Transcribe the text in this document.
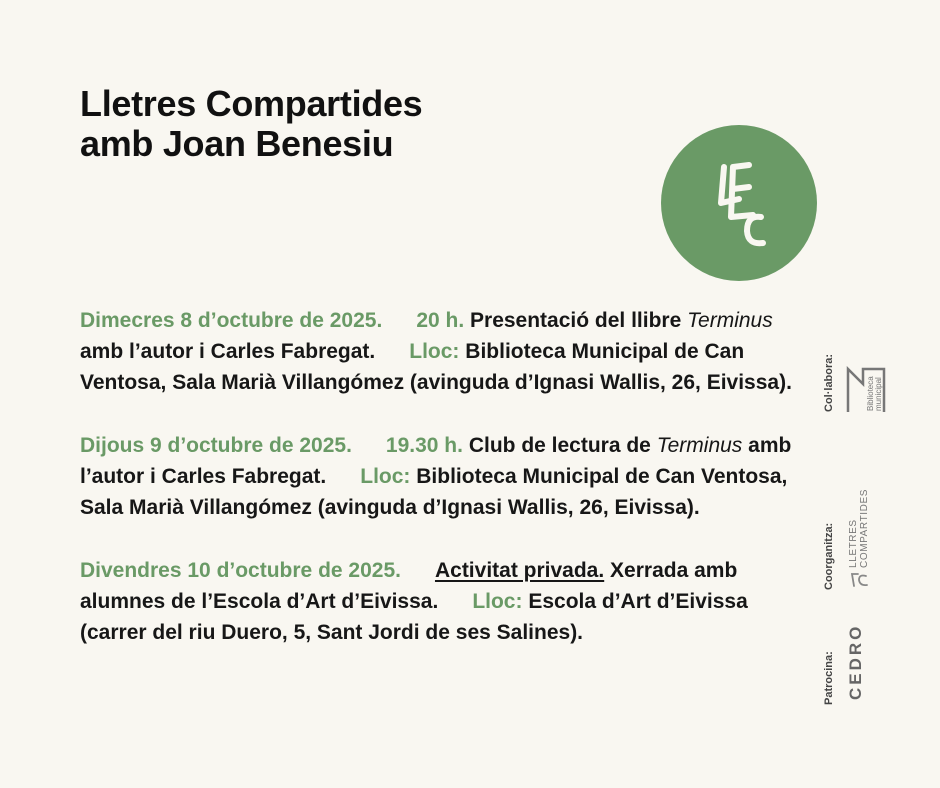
Lletres Compartides
amb Joan Benesiu

Dimecres 8 d’octubre de 2025. 20 h. Presentació del llibre Terminus amb l’autor i Carles Fabregat. Lloc: Biblioteca Municipal de Can Ventosa, Sala Marià Villangómez (avinguda d’Ignasi Wallis, 26, Eivissa).

Dijous 9 d’octubre de 2025. 19.30 h. Club de lectura de Terminus amb l’autor i Carles Fabregat. Lloc: Biblioteca Municipal de Can Ventosa, Sala Marià Villangómez (avinguda d’Ignasi Wallis, 26, Eivissa).

Divendres 10 d’octubre de 2025. Activitat privada. Xerrada amb alumnes de l’Escola d’Art d’Eivissa. Lloc: Escola d’Art d’Eivissa (carrer del riu Duero, 5, Sant Jordi de ses Salines).

Col·labora:	Biblioteca municipal
Coorganitza: LLETRES COMPARTIDES
Patrocina: CEDRO
